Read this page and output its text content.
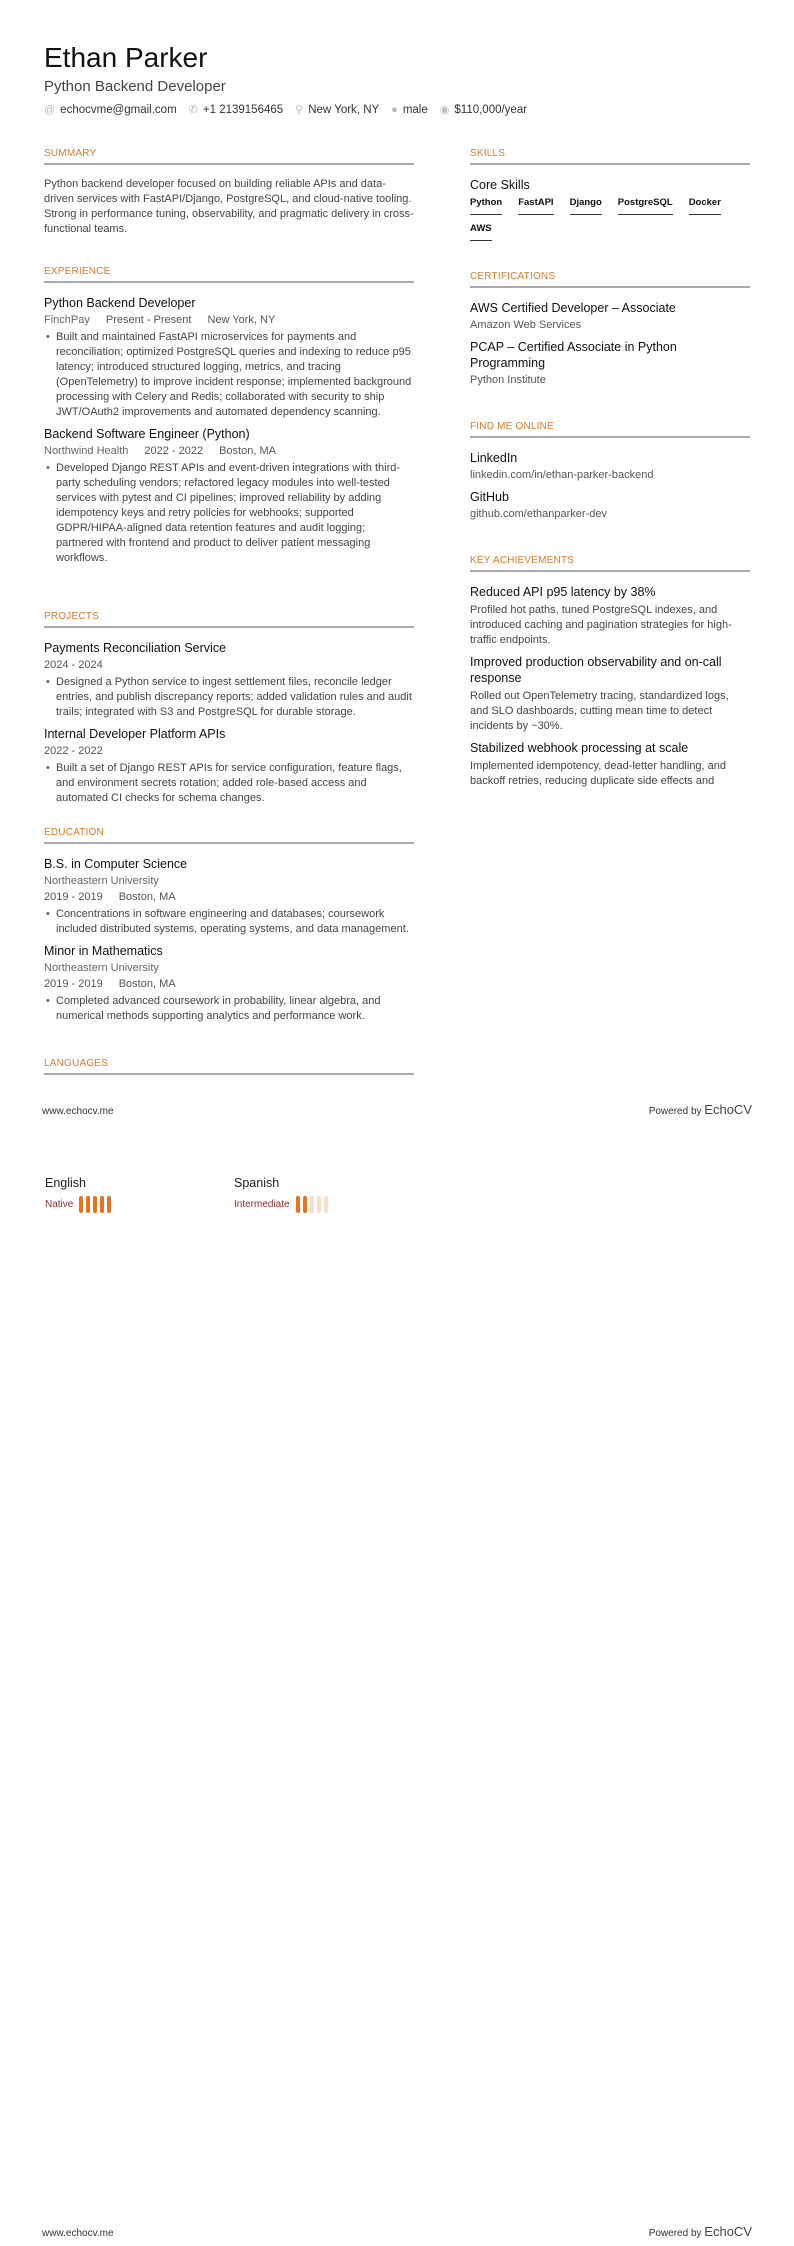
Ethan Parker
Python Backend Developer
@ echocvme@gmail.com ✆ +1 2139156465 ⚲ New York, NY ● male ◉ $110,000/year
SUMMARY

Python backend developer focused on building reliable APIs and data-driven services with FastAPI/Django, PostgreSQL, and cloud-native tooling. Strong in performance tuning, observability, and pragmatic delivery in cross-functional teams.

EXPERIENCE
Python Backend Developer
FinchPay Present - Present New York, NY
• Built and maintained FastAPI microservices for payments and reconciliation; optimized PostgreSQL queries and indexing to reduce p95 latency; introduced structured logging, metrics, and tracing (OpenTelemetry) to improve incident response; implemented background processing with Celery and Redis; collaborated with security to ship JWT/OAuth2 improvements and automated dependency scanning.
Backend Software Engineer (Python)
Northwind Health 2022 - 2022 Boston, MA
• Developed Django REST APIs and event-driven integrations with third-party scheduling vendors; refactored legacy modules into well-tested services with pytest and CI pipelines; improved reliability by adding idempotency keys and retry policies for webhooks; supported GDPR/HIPAA-aligned data retention features and audit logging; partnered with frontend and product to deliver patient messaging workflows.
PROJECTS
Payments Reconciliation Service
2024 - 2024
• Designed a Python service to ingest settlement files, reconcile ledger entries, and publish discrepancy reports; added validation rules and audit trails; integrated with S3 and PostgreSQL for durable storage.
Internal Developer Platform APIs
2022 - 2022
• Built a set of Django REST APIs for service configuration, feature flags, and environment secrets rotation; added role-based access and automated CI checks for schema changes.
EDUCATION
B.S. in Computer Science
Northeastern University
2019 - 2019 Boston, MA
• Concentrations in software engineering and databases; coursework included distributed systems, operating systems, and data management.
Minor in Mathematics
Northeastern University
2019 - 2019 Boston, MA
• Completed advanced coursework in probability, linear algebra, and numerical methods supporting analytics and performance work.
LANGUAGES
www.echocv.me	Powered by EchoCV
English
Native
Spanish
Intermediate
SKILLS
Core Skills
Python FastAPI Django PostgreSQL Docker
AWS
CERTIFICATIONS
AWS Certified Developer – Associate
Amazon Web Services
PCAP – Certified Associate in Python Programming
Python Institute
FIND ME ONLINE
LinkedIn
linkedin.com/in/ethan-parker-backend
GitHub
github.com/ethanparker-dev
KEY ACHIEVEMENTS
Reduced API p95 latency by 38%

Profiled hot paths, tuned PostgreSQL indexes, and introduced caching and pagination strategies for high-traffic endpoints.

Improved production observability and on-call response

Rolled out OpenTelemetry tracing, standardized logs, and SLO dashboards, cutting mean time to detect incidents by ~30%.

Stabilized webhook processing at scale

Implemented idempotency, dead-letter handling, and backoff retries, reducing duplicate side effects and

www.echocv.me	Powered by EchoCV
